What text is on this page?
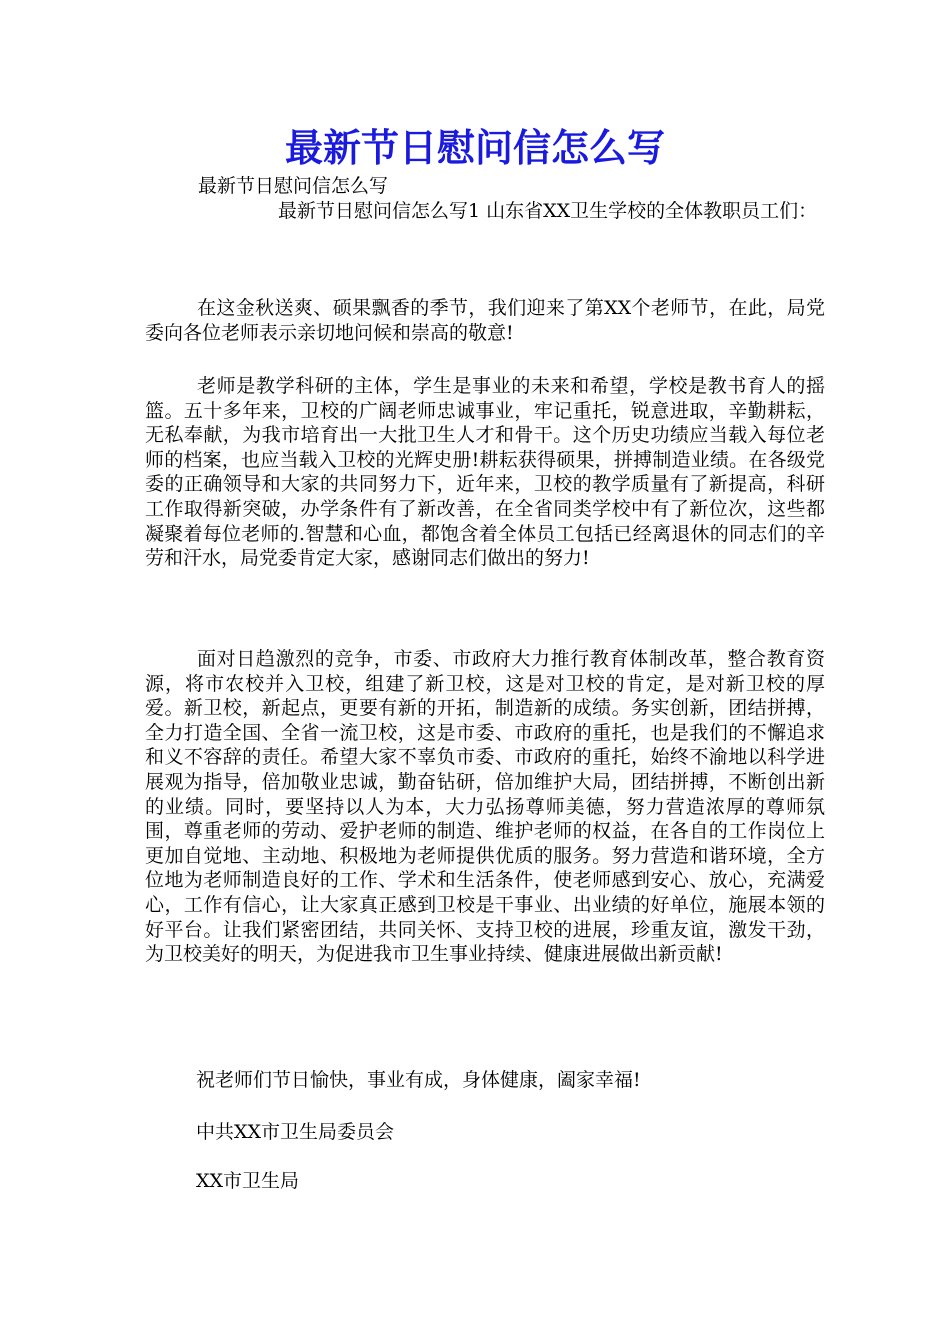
最新节日慰问信怎么写

最新节日慰问信怎么写

最新节日慰问信怎么写1 山东省XX卫生学校的全体教职员工们：

在这金秋送爽、硕果飘香的季节，我们迎来了第XX个老师节，在此，局党委向各位老师表示亲切地问候和崇高的敬意!

老师是教学科研的主体，学生是事业的未来和希望，学校是教书育人的摇篮。五十多年来，卫校的广阔老师忠诚事业，牢记重托，锐意进取，辛勤耕耘，无私奉献，为我市培育出一大批卫生人才和骨干。这个历史功绩应当载入每位老师的档案，也应当载入卫校的光辉史册!耕耘获得硕果，拼搏制造业绩。在各级党委的正确领导和大家的共同努力下，近年来，卫校的教学质量有了新提高，科研工作取得新突破，办学条件有了新改善，在全省同类学校中有了新位次，这些都凝聚着每位老师的.智慧和心血，都饱含着全体员工包括已经离退休的同志们的辛劳和汗水，局党委肯定大家，感谢同志们做出的努力!

面对日趋激烈的竞争，市委、市政府大力推行教育体制改革，整合教育资源，将市农校并入卫校，组建了新卫校，这是对卫校的肯定，是对新卫校的厚爱。新卫校，新起点，更要有新的开拓，制造新的成绩。务实创新，团结拼搏，全力打造全国、全省一流卫校，这是市委、市政府的重托，也是我们的不懈追求和义不容辞的责任。希望大家不辜负市委、市政府的重托，始终不渝地以科学进展观为指导，倍加敬业忠诚，勤奋钻研，倍加维护大局，团结拼搏，不断创出新的业绩。同时，要坚持以人为本，大力弘扬尊师美德，努力营造浓厚的尊师氛围，尊重老师的劳动、爱护老师的制造、维护老师的权益，在各自的工作岗位上更加自觉地、主动地、积极地为老师提供优质的服务。努力营造和谐环境，全方位地为老师制造良好的工作、学术和生活条件，使老师感到安心、放心，充满爱心，工作有信心，让大家真正感到卫校是干事业、出业绩的好单位，施展本领的好平台。让我们紧密团结，共同关怀、支持卫校的进展，珍重友谊，激发干劲，为卫校美好的明天，为促进我市卫生事业持续、健康进展做出新贡献!

祝老师们节日愉快，事业有成，身体健康，阖家幸福!

中共XX市卫生局委员会

XX市卫生局
